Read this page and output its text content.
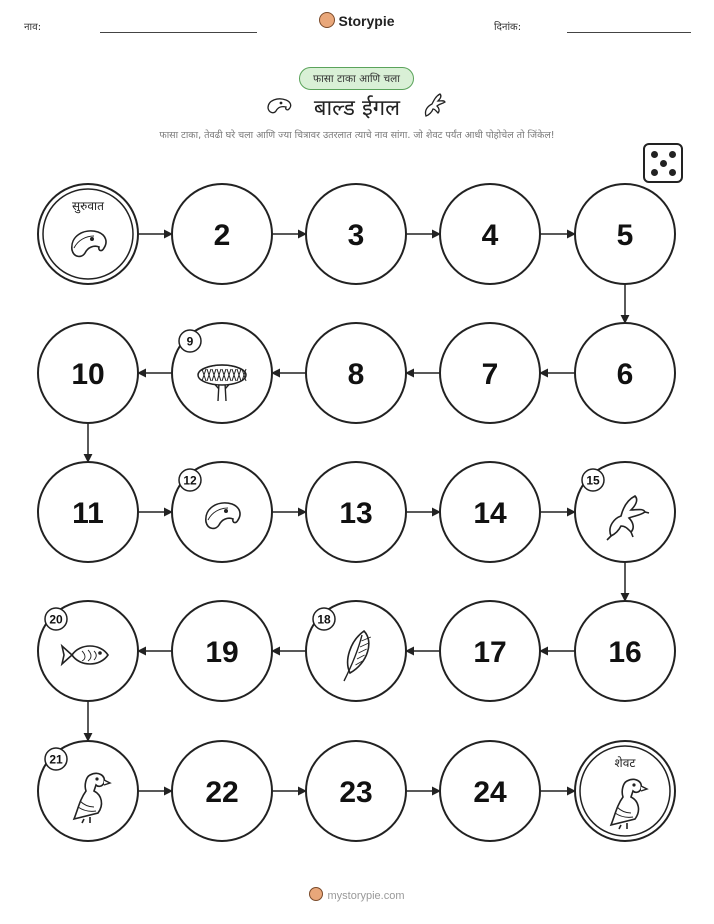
नाव:	Storypie	दिनांक:
फासा टाका आणि चला
बाल्ड ईगल
फासा टाका, तेवढी घरे चला आणि ज्या चित्रावर उतरलात त्याचे नाव सांगा. जो शेवट पर्यंत आधी पोहोचेल तो जिंकेल!
सुरुवात
2	3	4	5
6
7
8
9
10
11
12
13	14
15
16
17
18
19
20
21
22	23	24
शेवट
mystorypie.com
